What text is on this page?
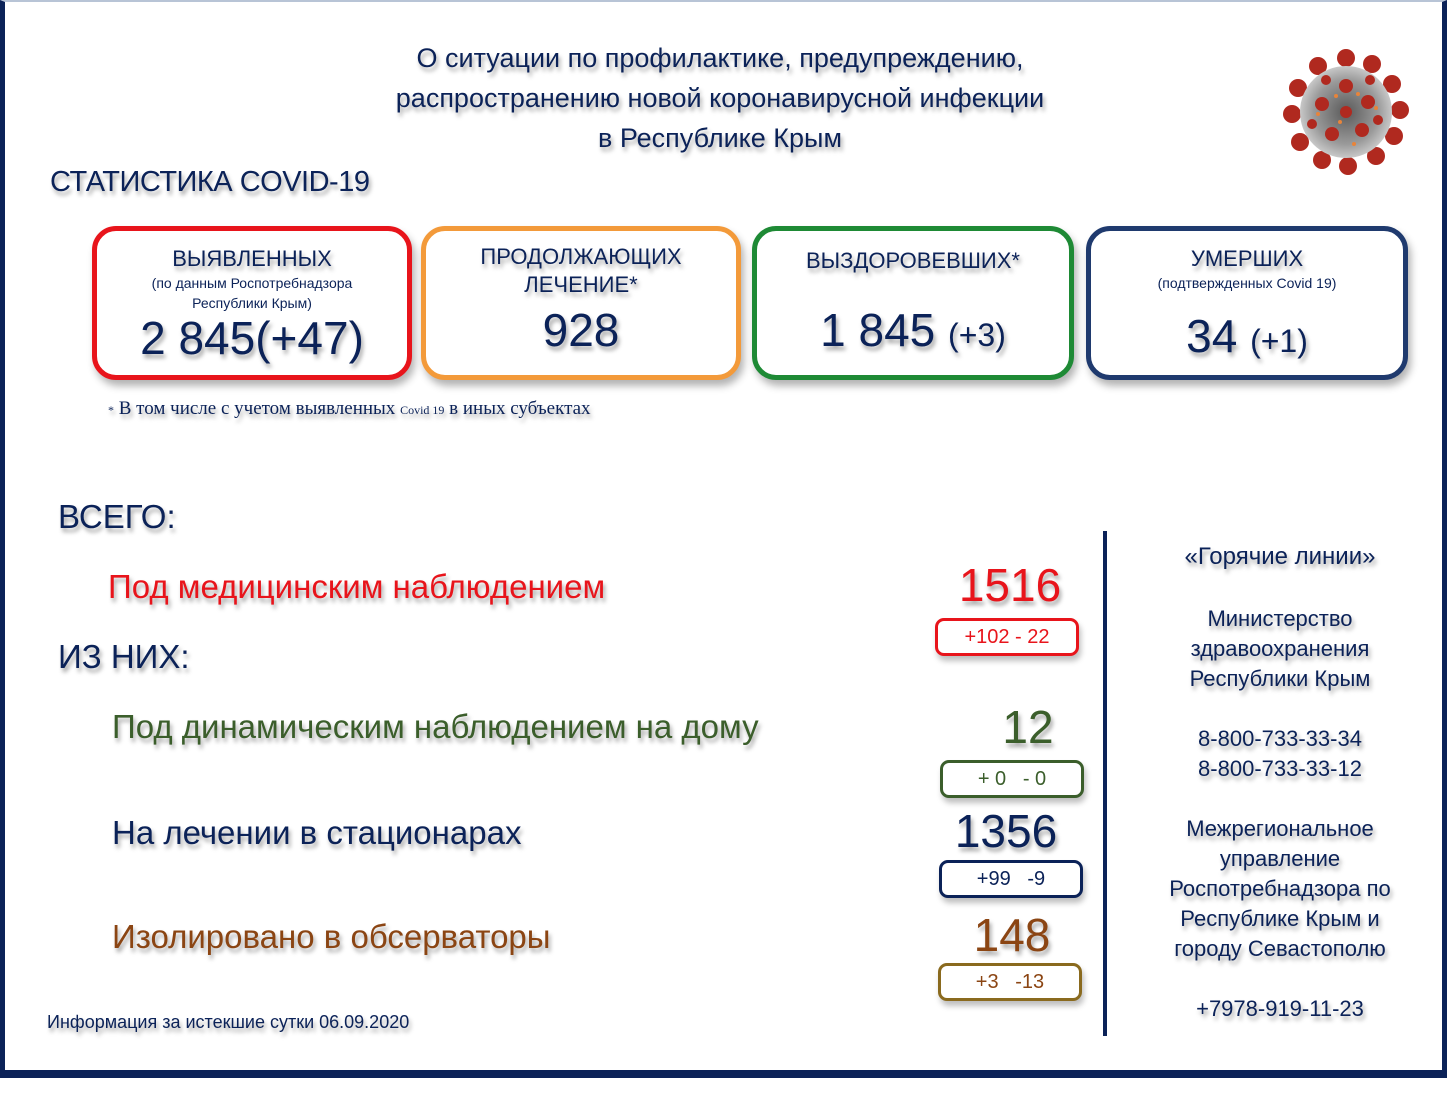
О ситуации по профилактике, предупреждению,
распространению новой коронавирусной инфекции
в Республике Крым
СТАТИСТИКА COVID-19
ВЫЯВЛЕННЫХ
(по данным Роспотребнадзора
Республики Крым)
2 845(+47)
ПРОДОЛЖАЮЩИХ
ЛЕЧЕНИЕ*
928
ВЫЗДОРОВЕВШИХ*
1 845 (+3)
УМЕРШИХ
(подтвержденных Covid 19)
34 (+1)
* В том числе с учетом выявленных Covid 19 в иных субъектах
ВСЕГО:
ИЗ НИХ:
Под медицинским наблюдением	1516
+102 - 22
Под динамическим наблюдением на дому	12
+ 0   - 0
На лечении в стационарах	1356
+99   -9
Изолировано в обсерваторы	148
+3   -13
«Горячие линии»
Министерство
здравоохранения
Республики Крым
8-800-733-33-34
8-800-733-33-12
Межрегиональное
управление
Роспотребнадзора по
Республике Крым и
городу Севастополю
+7978-919-11-23
Информация за истекшие сутки 06.09.2020
